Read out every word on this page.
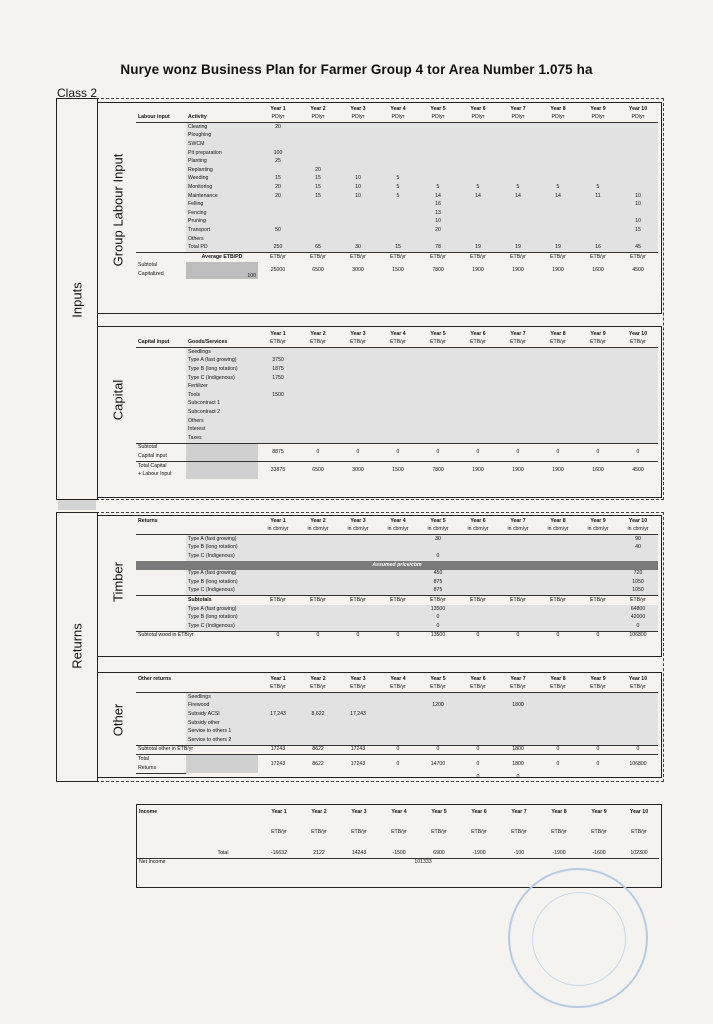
Nurye wonz Business Plan for Farmer Group 4 tor Area Number 1.075 ha
Class 2
Inputs
Returns
Group Labour Input
Capital
Timber
Other
		Year 1	Year 2	Year 3	Year 4	Year 5	Year 6	Year 7	Year 8	Year 9	Year 10
Labour input	Activity	PD/yr	PD/yr	PD/yr	PD/yr	PD/yr	PD/yr	PD/yr	PD/yr	PD/yr	PD/yr
	Clearing	20									
	Ploughing										
	SWCM										
	Pit preparation	100									
	Planting	25									
	Replanting		20								
	Weeding	15	15	10	5						
	Monitoring	20	15	10	5	5	5	5	5	5	
	Maintenance	20	15	10	5	14	14	14	14	11	10
	Felling					16					10
	Fencing					13					
	Pruning					10					10
	Transport	50				20					15
	Others										
	Total PD	250	65	30	15	78	19	19	19	16	45
	Average ETB/PD	ETB/yr	ETB/yr	ETB/yr	ETB/yr	ETB/yr	ETB/yr	ETB/yr	ETB/yr	ETB/yr	ETB/yr
Subtotal	100	25000	6500	3000	1500	7800	1900	1900	1900	1600	4500
Capitalized											
		Year 1	Year 2	Year 3	Year 4	Year 5	Year 6	Year 7	Year 8	Year 9	Year 10
Capital input	Goods/Services	ETB/yr	ETB/yr	ETB/yr	ETB/yr	ETB/yr	ETB/yr	ETB/yr	ETB/yr	ETB/yr	ETB/yr
	Seedlings										
	Type A (fast growing)	3750									
	Type B (long rotation)	1875									
	Type C (Indigenous)	1750									
	Fertilizer										
	Tools	1500									
	Subcontract 1										
	Subcontract 2										
	Others										
	Interest										
	Taxes										
Subtotal		8875	0	0	0	0	0	0	0	0	0
Capital input											
Total Capital		33875	6500	3000	1500	7800	1900	1900	1900	1600	4500
+ Labour Input											
Returns		Year 1	Year 2	Year 3	Year 4	Year 5	Year 6	Year 7	Year 8	Year 9	Year 10
		in cbm/yr	in cbm/yr	in cbm/yr	in cbm/yr	in cbm/yr	in cbm/yr	in cbm/yr	in cbm/yr	in cbm/yr	in cbm/yr
	Type A (fast growing)					30					90
	Type B (long rotation)										40
	Type C (Indigenous)					0					
Assumed price/cbm											
	Type A (fast growing)					450					720
	Type B (long rotation)					875					1050
	Type C (Indigenous)					875					1050
	Subtotals	ETB/yr	ETB/yr	ETB/yr	ETB/yr	ETB/yr	ETB/yr	ETB/yr	ETB/yr	ETB/yr	ETB/yr
	Type A (fast growing)					13500					64800
	Type B (long rotation)					0					42000
	Type C (Indigenous)					0					0
Subtotal wood in ETB/yr		0	0	0	0	13500	0	0	0	0	106800
Other returns		Year 1	Year 2	Year 3	Year 4	Year 5	Year 6	Year 7	Year 8	Year 9	Year 10
		ETB/yr	ETB/yr	ETB/yr	ETB/yr	ETB/yr	ETB/yr	ETB/yr	ETB/yr	ETB/yr	ETB/yr
	Seedlings										
	Firewood					1200		1800			
	Subsidy ACSI	17,243	8,622	17,243							
	Subsidy other										
	Service to others 1										
	Service to others 2										
Subtotal other in ETB/yr		17243	8622	17243	0	0	0	1800	0	0	0
Total		17243	8622	17243	0	14700	0	1800	0	0	106800
Returns											
							0	0			
Income		Year 1	Year 2	Year 3	Year 4	Year 5	Year 6	Year 7	Year 8	Year 9	Year 10

		ETB/yr	ETB/yr	ETB/yr	ETB/yr	ETB/yr	ETB/yr	ETB/yr	ETB/yr	ETB/yr	ETB/yr

	Total	-16632	2122	14243	-1500	6900	-1900	-100	-1900	-1600	102300
Net Income	101333										
